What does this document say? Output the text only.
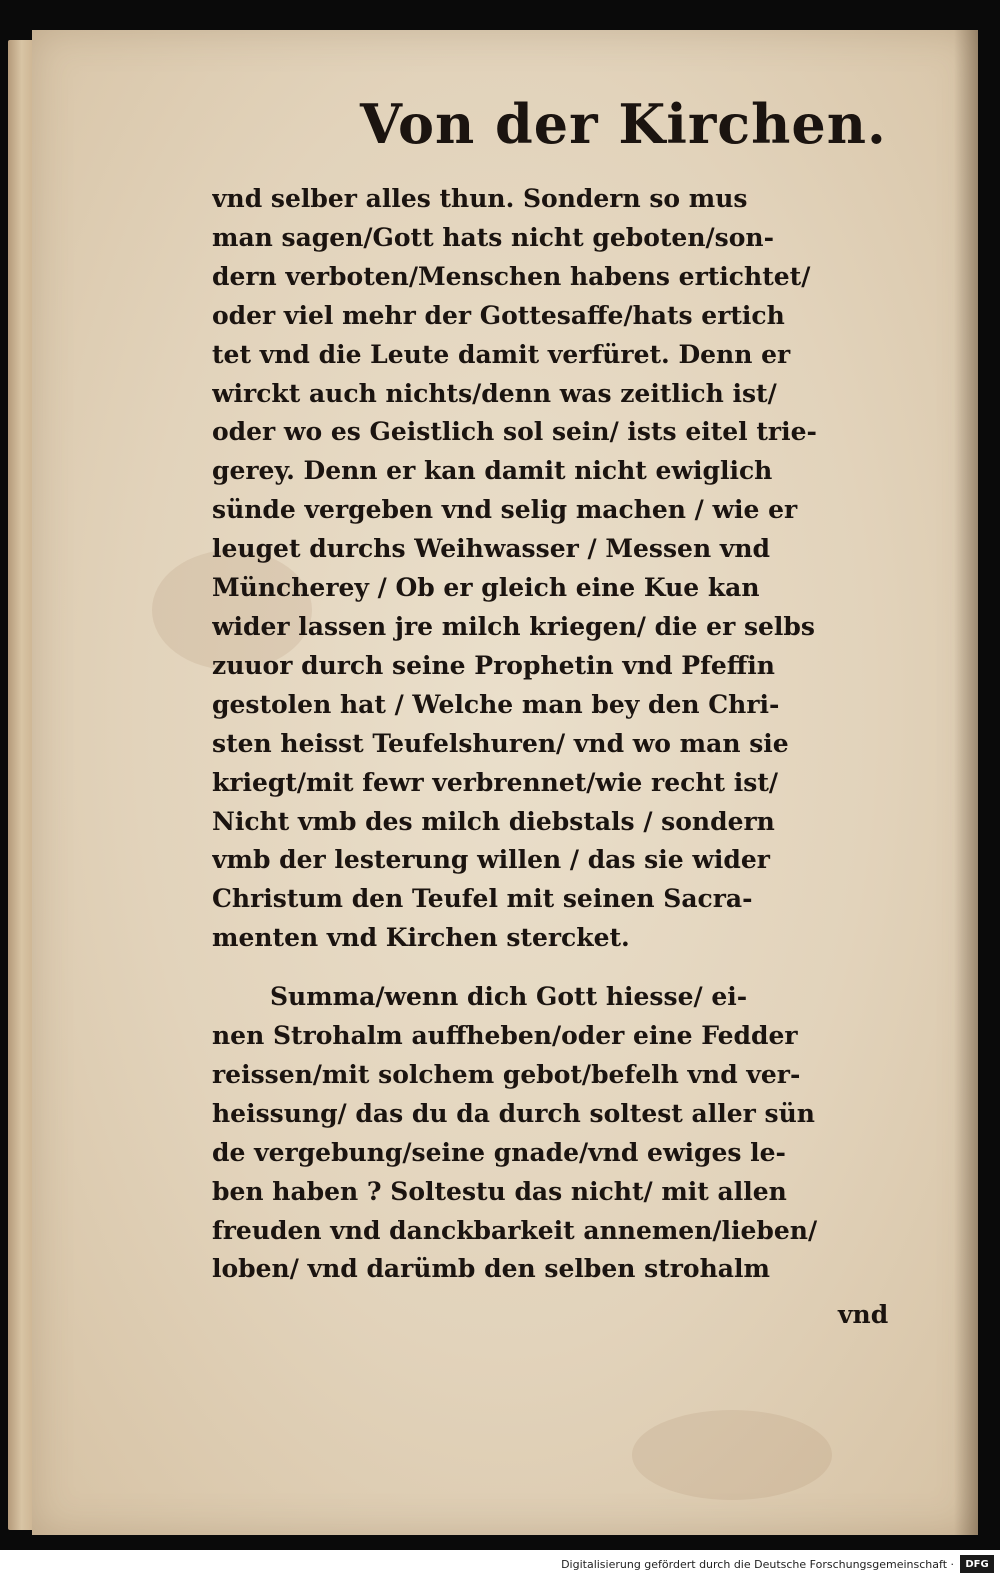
Von der Kirchen.
vnd selber alles thun. Sondern so mus
man sagen/Gott hats nicht geboten/son-
dern verboten/Menschen habens ertichtet/
oder viel mehr der Gottesaffe/hats ertich
tet vnd die Leute damit verfüret. Denn er
wirckt auch nichts/denn was zeitlich ist/
oder wo es Geistlich sol sein/ ists eitel trie-
gerey. Denn er kan damit nicht ewiglich
sünde vergeben vnd selig machen / wie er
leuget durchs Weihwasser / Messen vnd
Müncherey / Ob er gleich eine Kue kan
wider lassen jre milch kriegen/ die er selbs
zuuor durch seine Prophetin vnd Pfeffin
gestolen hat / Welche man bey den Chri-
sten heisst Teufelshuren/ vnd wo man sie
kriegt/mit fewr verbrennet/wie recht ist/
Nicht vmb des milch diebstals / sondern
vmb der lesterung willen / das sie wider
Christum den Teufel mit seinen Sacra-
menten vnd Kirchen stercket.
Summa/wenn dich Gott hiesse/ ei-
nen Strohalm auffheben/oder eine Fedder
reissen/mit solchem gebot/befelh vnd ver-
heissung/ das du da durch soltest aller sün
de vergebung/seine gnade/vnd ewiges le-
ben haben ? Soltestu das nicht/ mit allen
freuden vnd danckbarkeit annemen/lieben/
loben/ vnd darümb den selben strohalm
vnd
Digitalisierung gefördert durch die Deutsche Forschungsgemeinschaft ·	DFG
